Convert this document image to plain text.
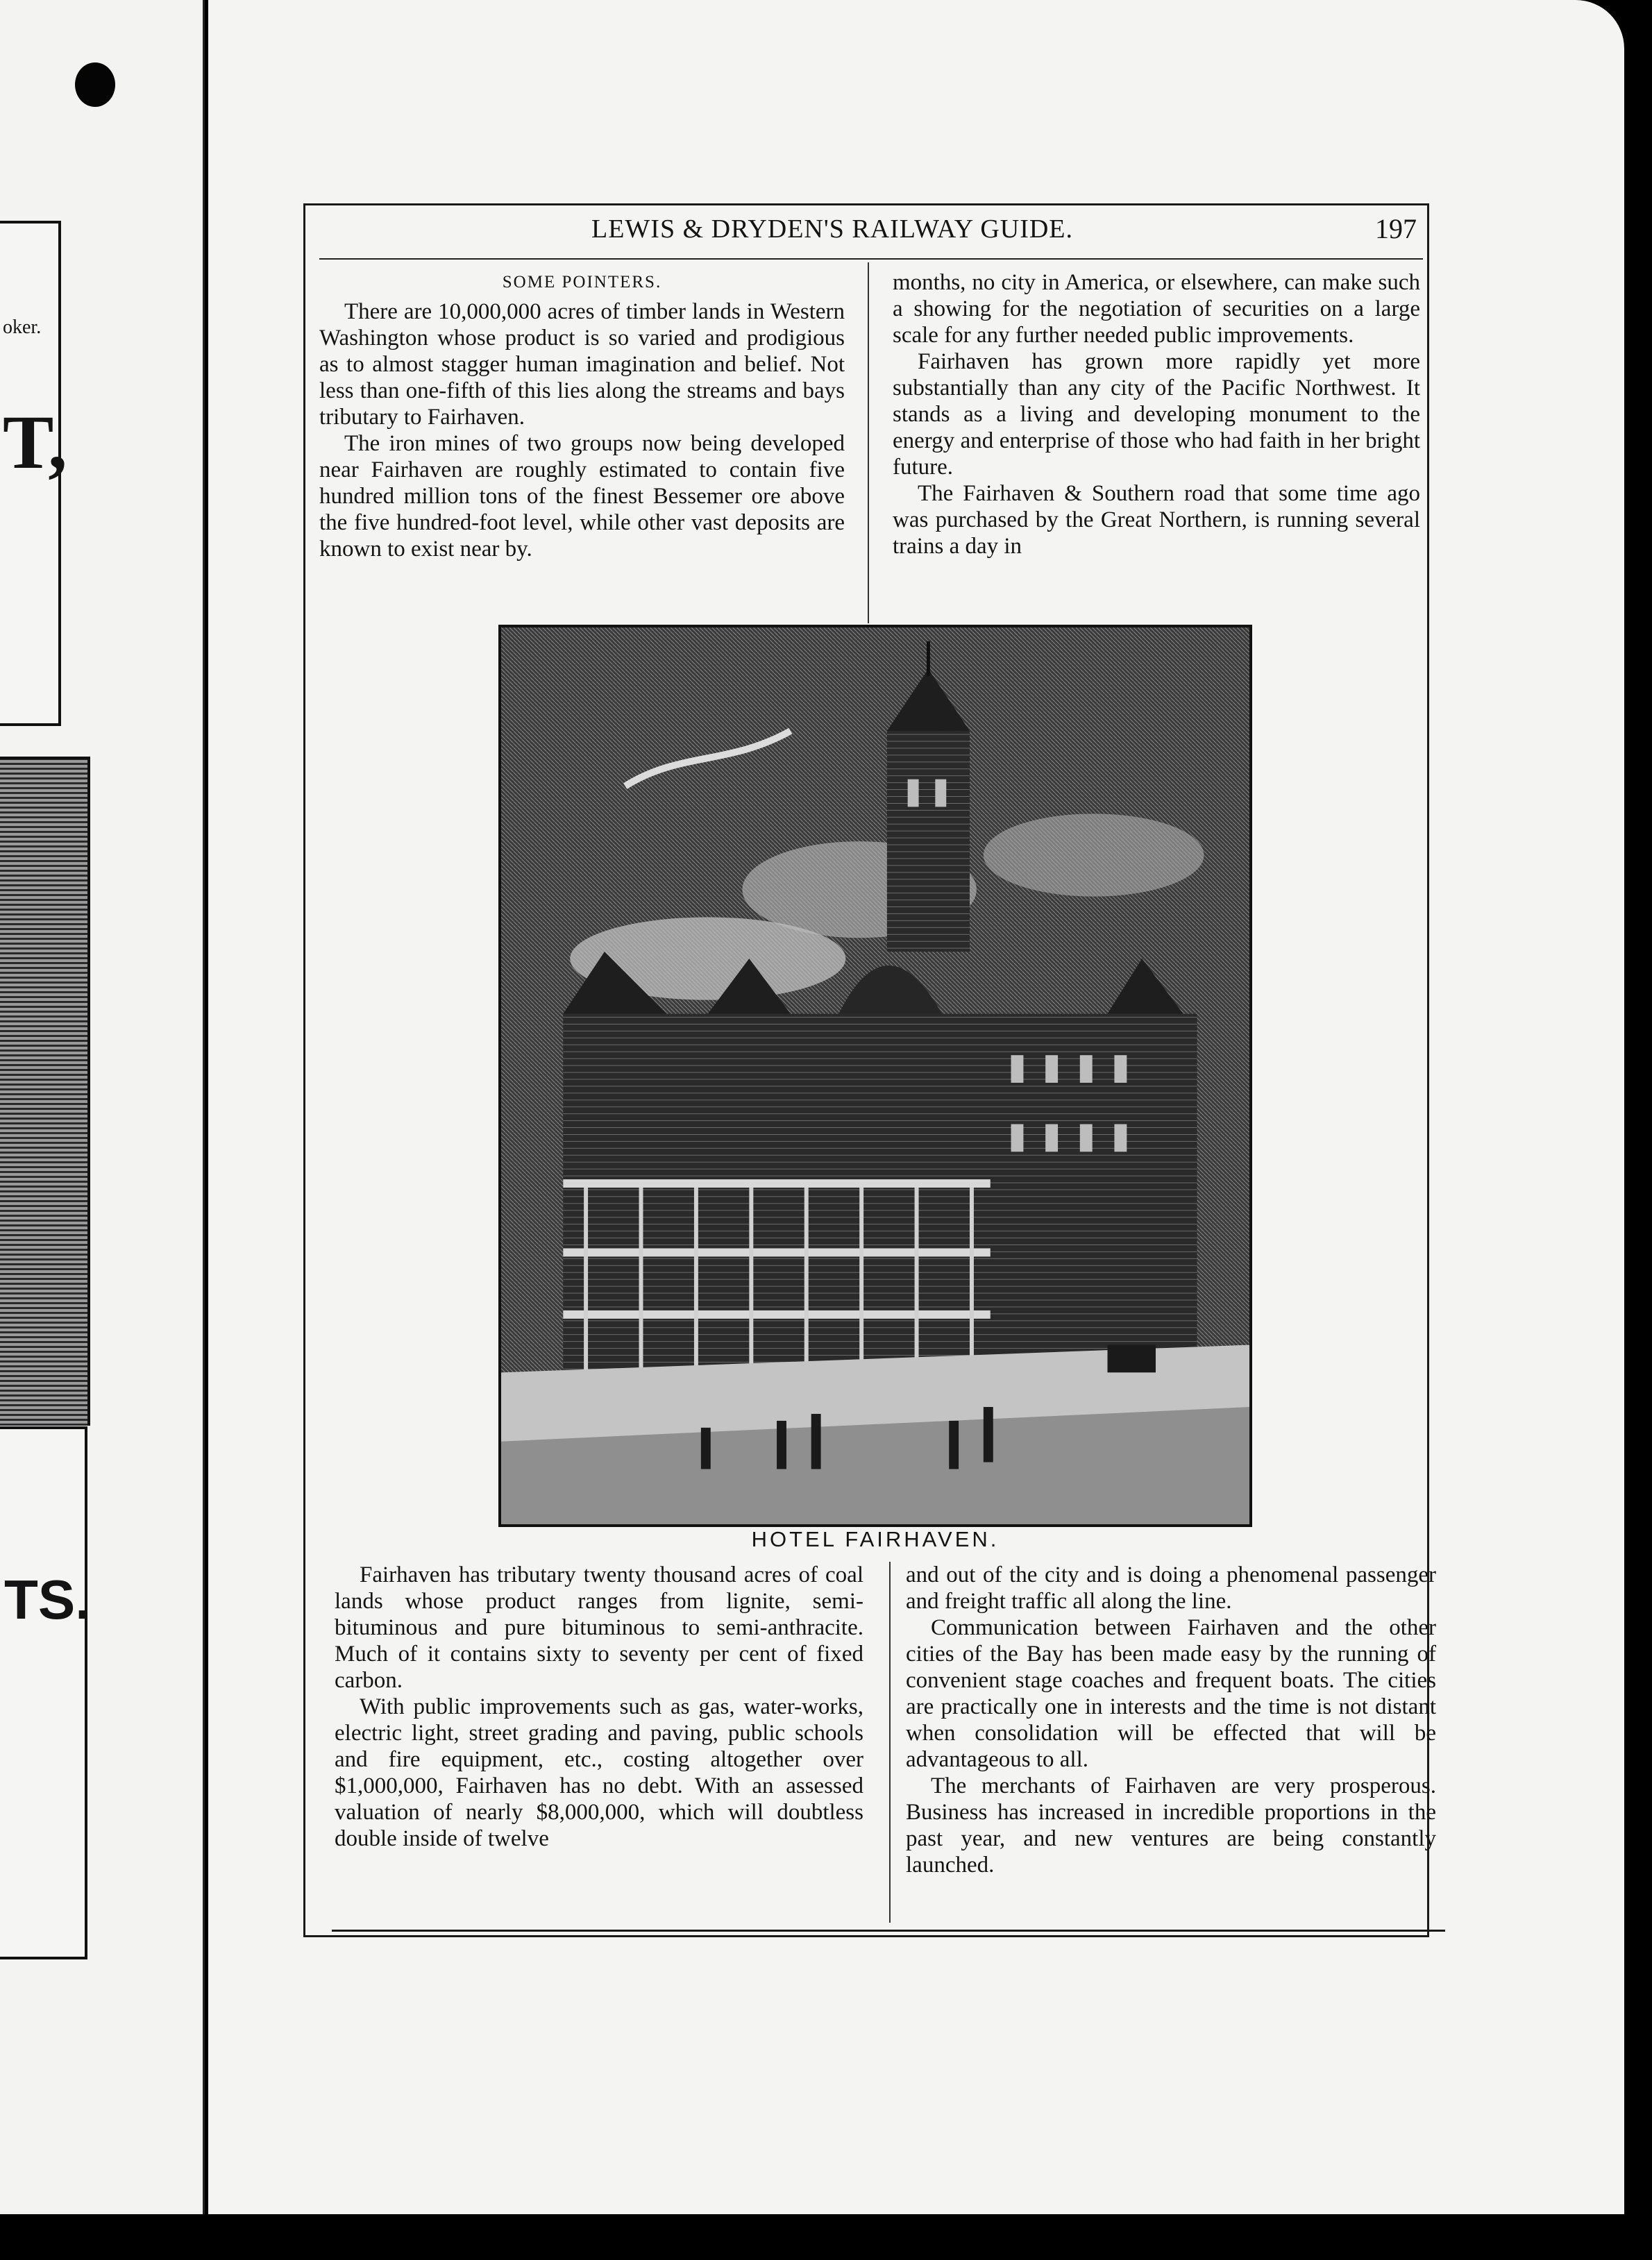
oker.
T,
TS.
LEWIS & DRYDEN'S RAILWAY GUIDE.	197

SOME POINTERS.

There are 10,000,000 acres of timber lands in Western Washington whose product is so varied and prodigious as to almost stagger human imagination and belief. Not less than one-fifth of this lies along the streams and bays tributary to Fairhaven.

The iron mines of two groups now being developed near Fairhaven are roughly estimated to contain five hundred million tons of the finest Bessemer ore above the five hundred-foot level, while other vast deposits are known to exist near by.

months, no city in America, or elsewhere, can make such a showing for the negotiation of securities on a large scale for any further needed public improvements.

Fairhaven has grown more rapidly yet more substantially than any city of the Pacific Northwest. It stands as a living and developing monument to the energy and enterprise of those who had faith in her bright future.

The Fairhaven & Southern road that some time ago was purchased by the Great Northern, is running several trains a day in

HOTEL FAIRHAVEN.

Fairhaven has tributary twenty thousand acres of coal lands whose product ranges from lignite, semi-bituminous and pure bituminous to semi-anthracite. Much of it contains sixty to seventy per cent of fixed carbon.

With public improvements such as gas, water-works, electric light, street grading and paving, public schools and fire equipment, etc., costing altogether over $1,000,000, Fairhaven has no debt. With an assessed valuation of nearly $8,000,000, which will doubtless double inside of twelve

and out of the city and is doing a phenomenal passenger and freight traffic all along the line.

Communication between Fairhaven and the other cities of the Bay has been made easy by the running of convenient stage coaches and frequent boats. The cities are practically one in interests and the time is not distant when consolidation will be effected that will be advantageous to all.

The merchants of Fairhaven are very prosperous. Business has increased in incredible proportions in the past year, and new ventures are being constantly launched.
